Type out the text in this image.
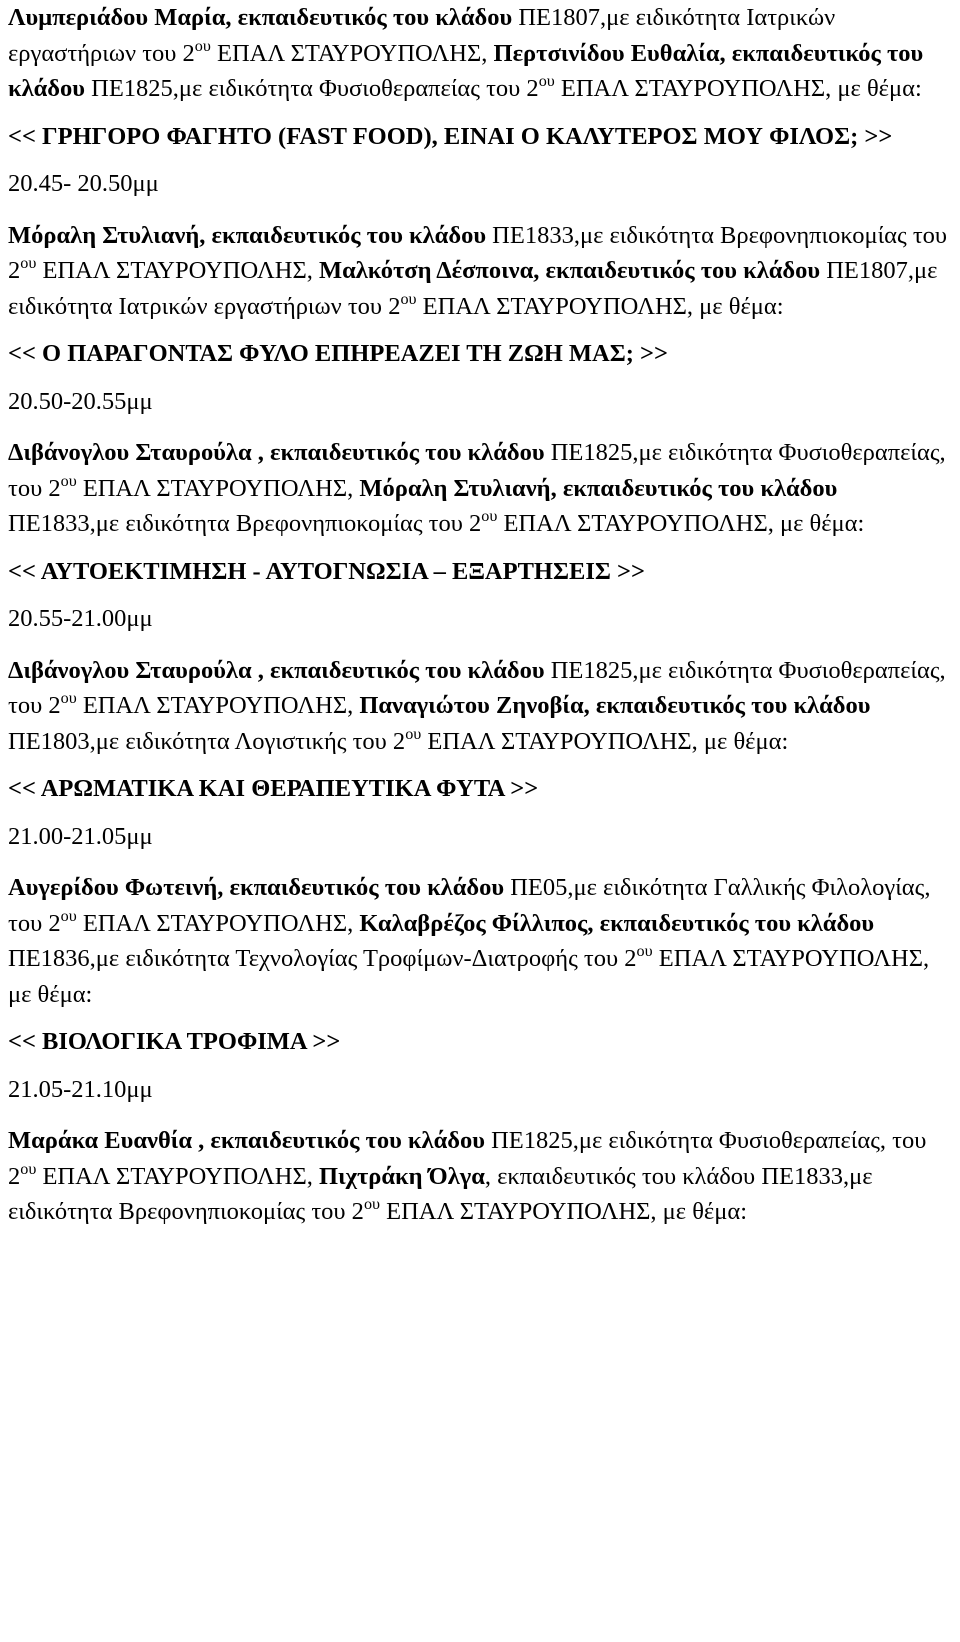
Λυμπεριάδου Μαρία, εκπαιδευτικός του κλάδου ΠΕ1807,με ειδικότητα Ιατρικών εργαστήριων του $2^{o\upsilon}$ ΕΠΑΛ ΣΤΑΥΡΟΥΠΟΛΗΣ, Περτσινίδου Ευθαλία, εκπαιδευτικός του κλάδου ΠΕ1825,με ειδικότητα Φυσιοθεραπείας του $2^{o\upsilon}$ ΕΠΑΛ ΣΤΑΥΡΟΥΠΟΛΗΣ, με θέμα:

<< ΓΡΗΓΟΡΟ ΦΑΓΗΤΟ (FAST FOOD), ΕΙΝΑΙ Ο ΚΑΛΥΤΕΡΟΣ ΜΟΥ ΦΙΛΟΣ; >>

20.45- 20.50μμ

Μόραλη Στυλιανή, εκπαιδευτικός του κλάδου ΠΕ1833,με ειδικότητα Βρεφονηπιοκομίας του $2^{o\upsilon}$ ΕΠΑΛ ΣΤΑΥΡΟΥΠΟΛΗΣ, Μαλκότση Δέσποινα, εκπαιδευτικός του κλάδου ΠΕ1807,με ειδικότητα Ιατρικών εργαστήριων του $2^{o\upsilon}$ ΕΠΑΛ ΣΤΑΥΡΟΥΠΟΛΗΣ, με θέμα:

<< Ο ΠΑΡΑΓΟΝΤΑΣ ΦΥΛΟ ΕΠΗΡΕΑΖΕΙ ΤΗ ΖΩΗ ΜΑΣ; >>

20.50-20.55μμ

Διβάνογλου Σταυρούλα , εκπαιδευτικός του κλάδου ΠΕ1825,με ειδικότητα Φυσιοθεραπείας, του $2^{o\upsilon}$ ΕΠΑΛ ΣΤΑΥΡΟΥΠΟΛΗΣ, Μόραλη Στυλιανή, εκπαιδευτικός του κλάδου ΠΕ1833,με ειδικότητα Βρεφονηπιοκομίας του $2^{o\upsilon}$ ΕΠΑΛ ΣΤΑΥΡΟΥΠΟΛΗΣ, με θέμα:

<< ΑΥΤΟΕΚΤΙΜΗΣΗ - ΑΥΤΟΓΝΩΣΙΑ – ΕΞΑΡΤΗΣΕΙΣ >>

20.55-21.00μμ

Διβάνογλου Σταυρούλα , εκπαιδευτικός του κλάδου ΠΕ1825,με ειδικότητα Φυσιοθεραπείας, του $2^{o\upsilon}$ ΕΠΑΛ ΣΤΑΥΡΟΥΠΟΛΗΣ, Παναγιώτου Ζηνοβία, εκπαιδευτικός του κλάδου ΠΕ1803,με ειδικότητα Λογιστικής του $2^{o\upsilon}$ ΕΠΑΛ ΣΤΑΥΡΟΥΠΟΛΗΣ, με θέμα:

<< ΑΡΩΜΑΤΙΚΑ ΚΑΙ ΘΕΡΑΠΕΥΤΙΚΑ ΦΥΤΑ >>

21.00-21.05μμ

Αυγερίδου Φωτεινή, εκπαιδευτικός του κλάδου ΠΕ05,με ειδικότητα Γαλλικής Φιλολογίας, του $2^{o\upsilon}$ ΕΠΑΛ ΣΤΑΥΡΟΥΠΟΛΗΣ, Καλαβρέζος Φίλλιπος, εκπαιδευτικός του κλάδου ΠΕ1836,με ειδικότητα Τεχνολογίας Τροφίμων-Διατροφής του $2^{o\upsilon}$ ΕΠΑΛ ΣΤΑΥΡΟΥΠΟΛΗΣ, με θέμα:

<< ΒΙΟΛΟΓΙΚΑ ΤΡΟΦΙΜΑ >>

21.05-21.10μμ

Μαράκα Ευανθία , εκπαιδευτικός του κλάδου ΠΕ1825,με ειδικότητα Φυσιοθεραπείας, του $2^{o\upsilon}$ ΕΠΑΛ ΣΤΑΥΡΟΥΠΟΛΗΣ, Πιχτράκη Όλγα, εκπαιδευτικός του κλάδου ΠΕ1833,με ειδικότητα Βρεφονηπιοκομίας του $2^{o\upsilon}$ ΕΠΑΛ ΣΤΑΥΡΟΥΠΟΛΗΣ, με θέμα:
